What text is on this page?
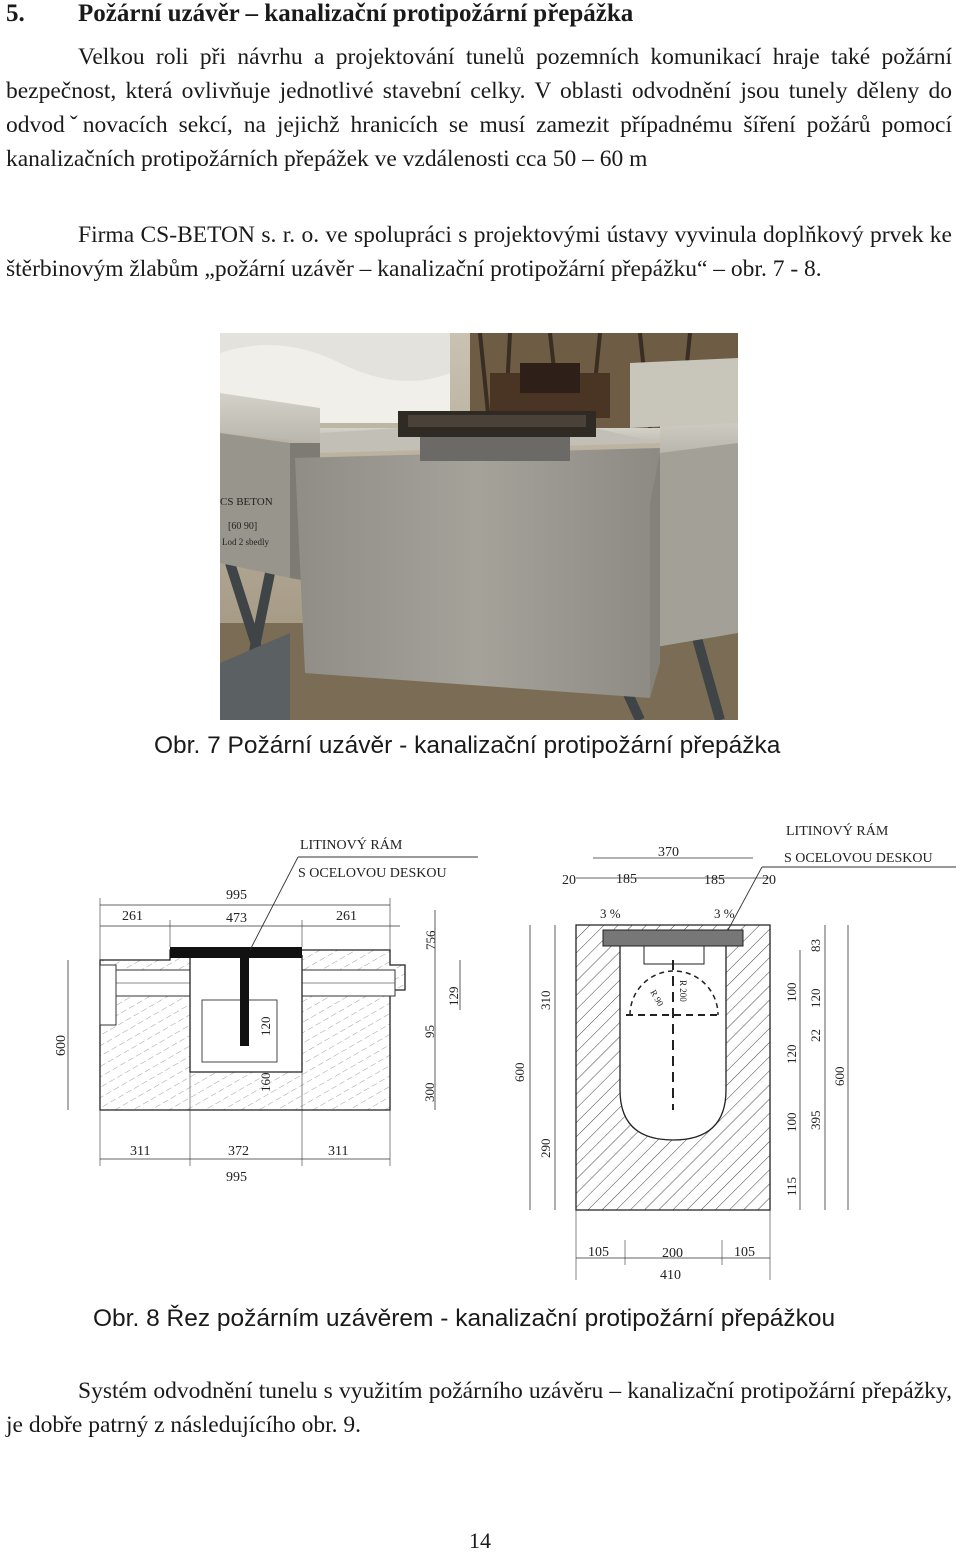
5. Požární uzávěr – kanalizační protipožární přepážka
Velkou roli při návrhu a projektování tunelů pozemních komunikací hraje také požární bezpečnost, která ovlivňuje jednotlivé stavební celky. V oblasti odvodnění jsou tunely děleny do odvodˇnovacích sekcí, na jejichž hranicích se musí zamezit případnému šíření požárů pomocí kanalizačních protipožárních přepážek ve vzdálenosti cca 50 – 60 m
Firma CS-BETON s. r. o. ve spolupráci s projektovými ústavy vyvinula doplňkový prvek ke štěrbinovým žlabům „požární uzávěr – kanalizační protipožární přepážku“ – obr. 7 - 8.
CS BETON
[60 90]
Lod 2 sbedly
Obr. 7 Požární uzávěr - kanalizační protipožární přepážka
LITINOVÝ RÁM
S OCELOVOU DESKOU
995
261	473	261
311	372	311
995
600
120
160
756
129
95
300
R 90 R 200
3 %	3 %
370
20	185	185	20
LITINOVÝ RÁM
S OCELOVOU DESKOU
310
600
290
100
120
100
115
83
120
22
395
600
105	200	105
410
Obr. 8 Řez požárním uzávěrem - kanalizační protipožární přepážkou
Systém odvodnění tunelu s využitím požárního uzávěru – kanalizační protipožární přepážky, je dobře patrný z následujícího obr. 9.
14
